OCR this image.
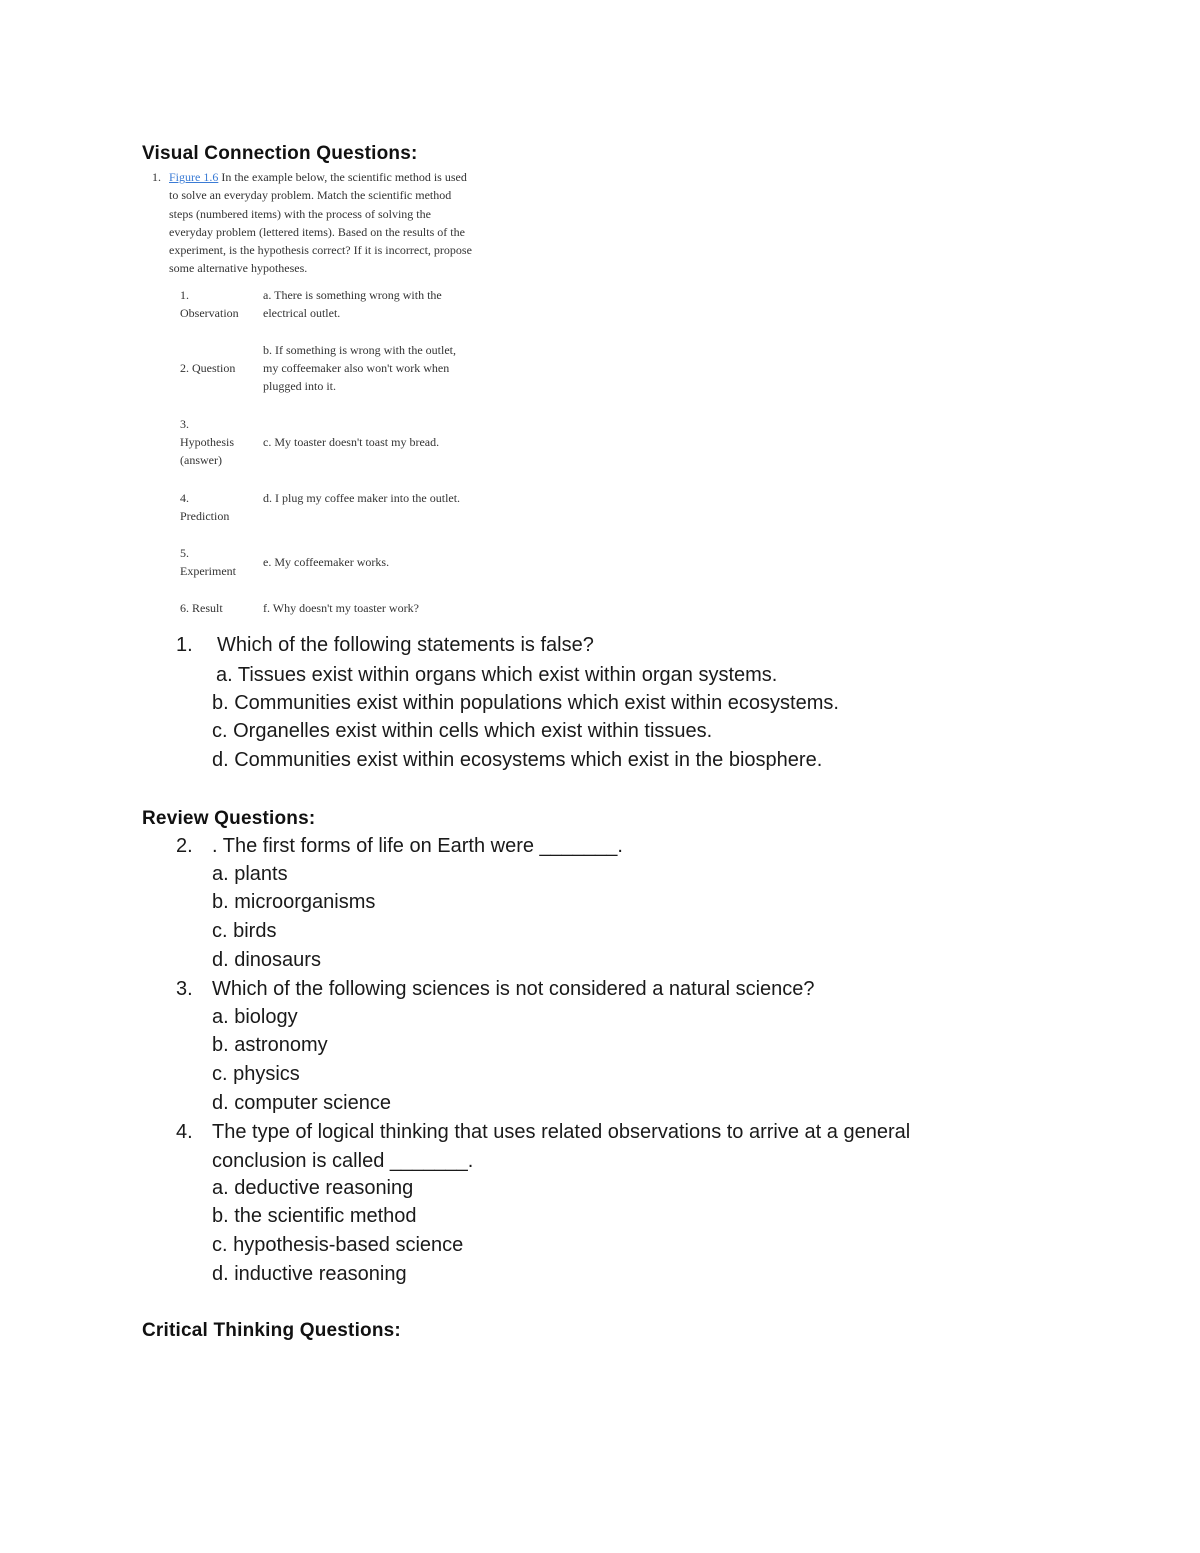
Visual Connection Questions:
1. Figure 1.6 In the example below, the scientific method is used to solve an everyday problem. Match the scientific method steps (numbered items) with the process of solving the everyday problem (lettered items). Based on the results of the experiment, is the hypothesis correct? If it is incorrect, propose some alternative hypotheses.
1.
Observation
a. There is something wrong with the electrical outlet.
2. Question
b. If something is wrong with the outlet, my coffeemaker also won't work when plugged into it.
3.
Hypothesis
(answer)
c. My toaster doesn't toast my bread.
4.
Prediction
d. I plug my coffee maker into the outlet.
5.
Experiment
e. My coffeemaker works.
6. Result	f. Why doesn't my toaster work?
1. Which of the following statements is false?
a. Tissues exist within organs which exist within organ systems.
b. Communities exist within populations which exist within ecosystems.
c. Organelles exist within cells which exist within tissues.
d. Communities exist within ecosystems which exist in the biosphere.
Review Questions:
2. . The first forms of life on Earth were _______.
a. plants
b. microorganisms
c. birds
d. dinosaurs
3. Which of the following sciences is not considered a natural science?
a. biology
b. astronomy
c. physics
d. computer science
4. The type of logical thinking that uses related observations to arrive at a general
conclusion is called _______.
a. deductive reasoning
b. the scientific method
c. hypothesis-based science
d. inductive reasoning
Critical Thinking Questions:
